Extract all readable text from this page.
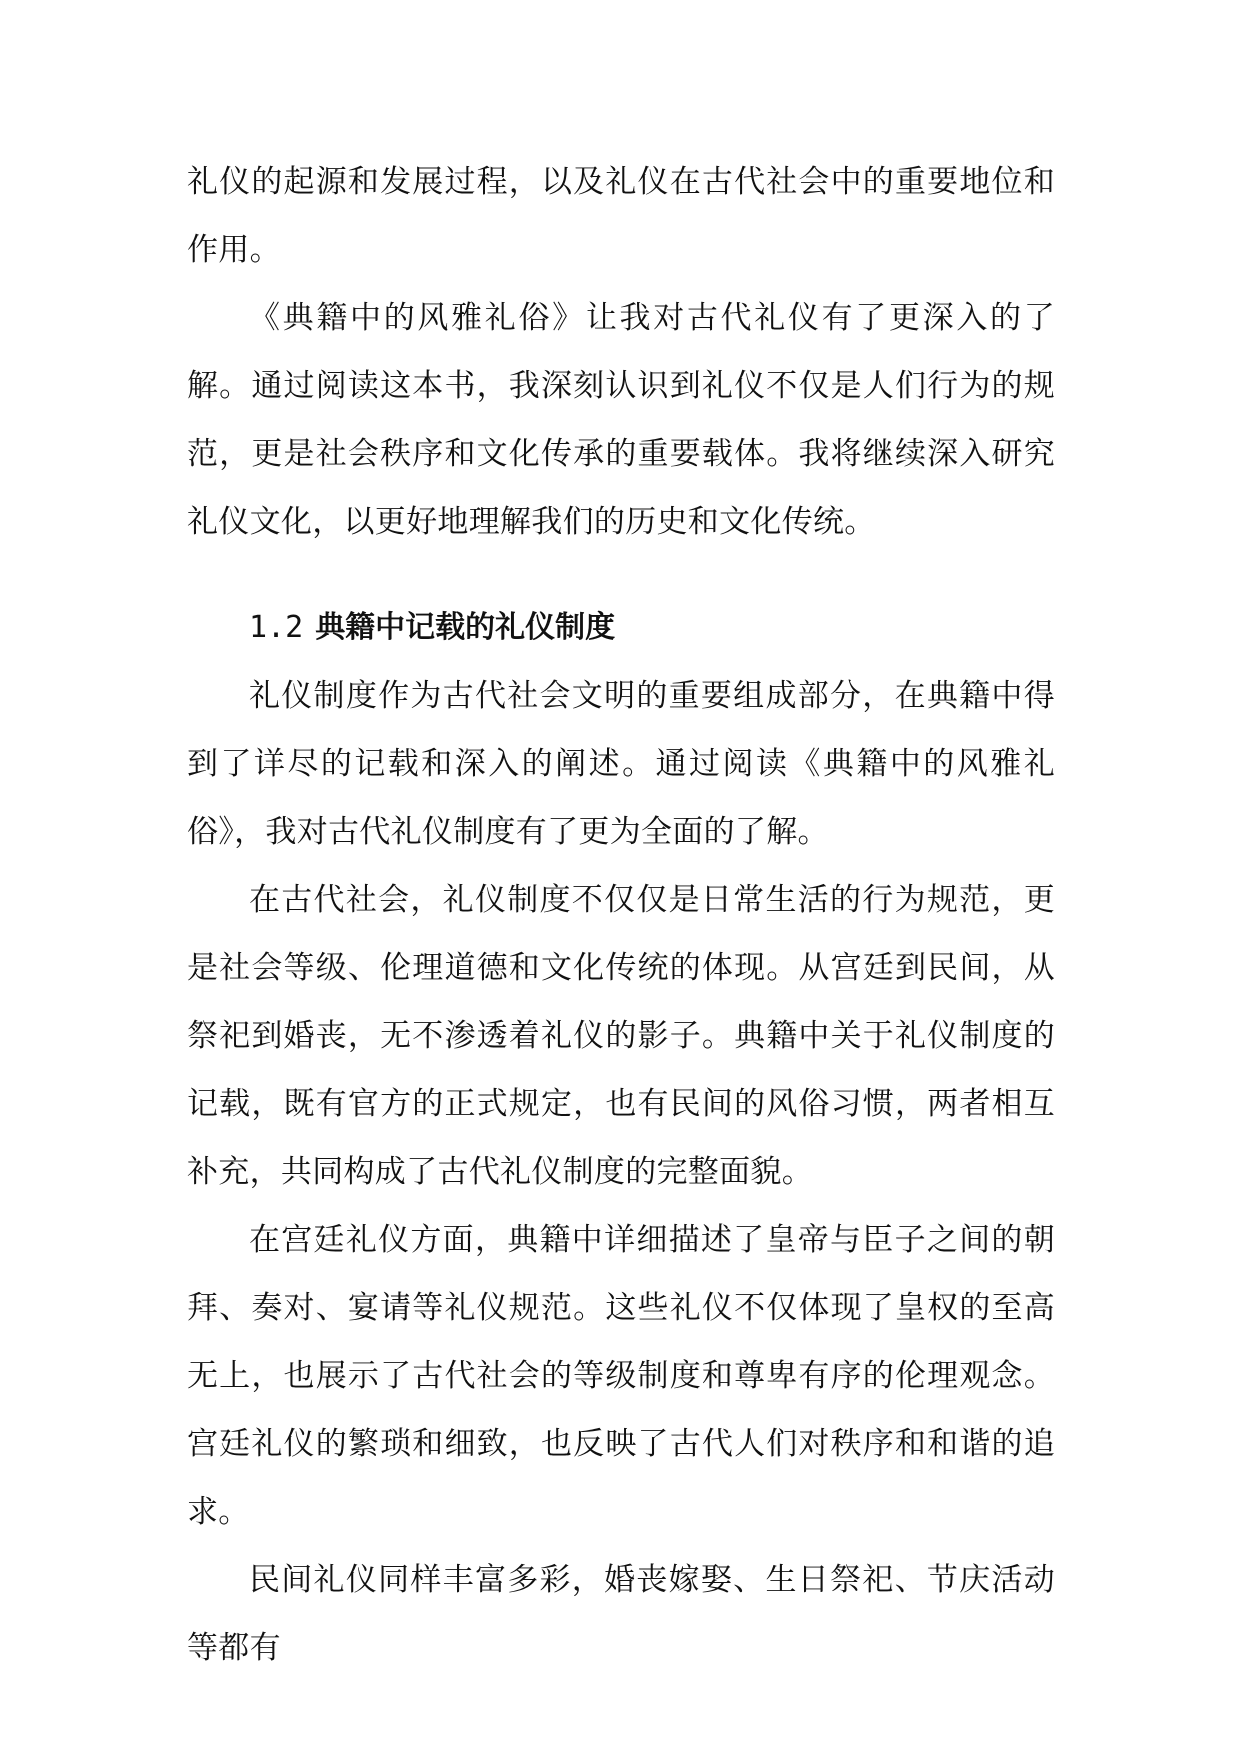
礼仪的起源和发展过程，以及礼仪在古代社会中的重要地位和作用。

《典籍中的风雅礼俗》让我对古代礼仪有了更深入的了解。通过阅读这本书，我深刻认识到礼仪不仅是人们行为的规范，更是社会秩序和文化传承的重要载体。我将继续深入研究礼仪文化，以更好地理解我们的历史和文化传统。

1.2 典籍中记载的礼仪制度

礼仪制度作为古代社会文明的重要组成部分，在典籍中得到了详尽的记载和深入的阐述。通过阅读《典籍中的风雅礼俗》，我对古代礼仪制度有了更为全面的了解。

在古代社会，礼仪制度不仅仅是日常生活的行为规范，更是社会等级、伦理道德和文化传统的体现。从宫廷到民间，从祭祀到婚丧，无不渗透着礼仪的影子。典籍中关于礼仪制度的记载，既有官方的正式规定，也有民间的风俗习惯，两者相互补充，共同构成了古代礼仪制度的完整面貌。

在宫廷礼仪方面，典籍中详细描述了皇帝与臣子之间的朝拜、奏对、宴请等礼仪规范。这些礼仪不仅体现了皇权的至高无上，也展示了古代社会的等级制度和尊卑有序的伦理观念。宫廷礼仪的繁琐和细致，也反映了古代人们对秩序和和谐的追求。

民间礼仪同样丰富多彩，婚丧嫁娶、生日祭祀、节庆活动等都有
